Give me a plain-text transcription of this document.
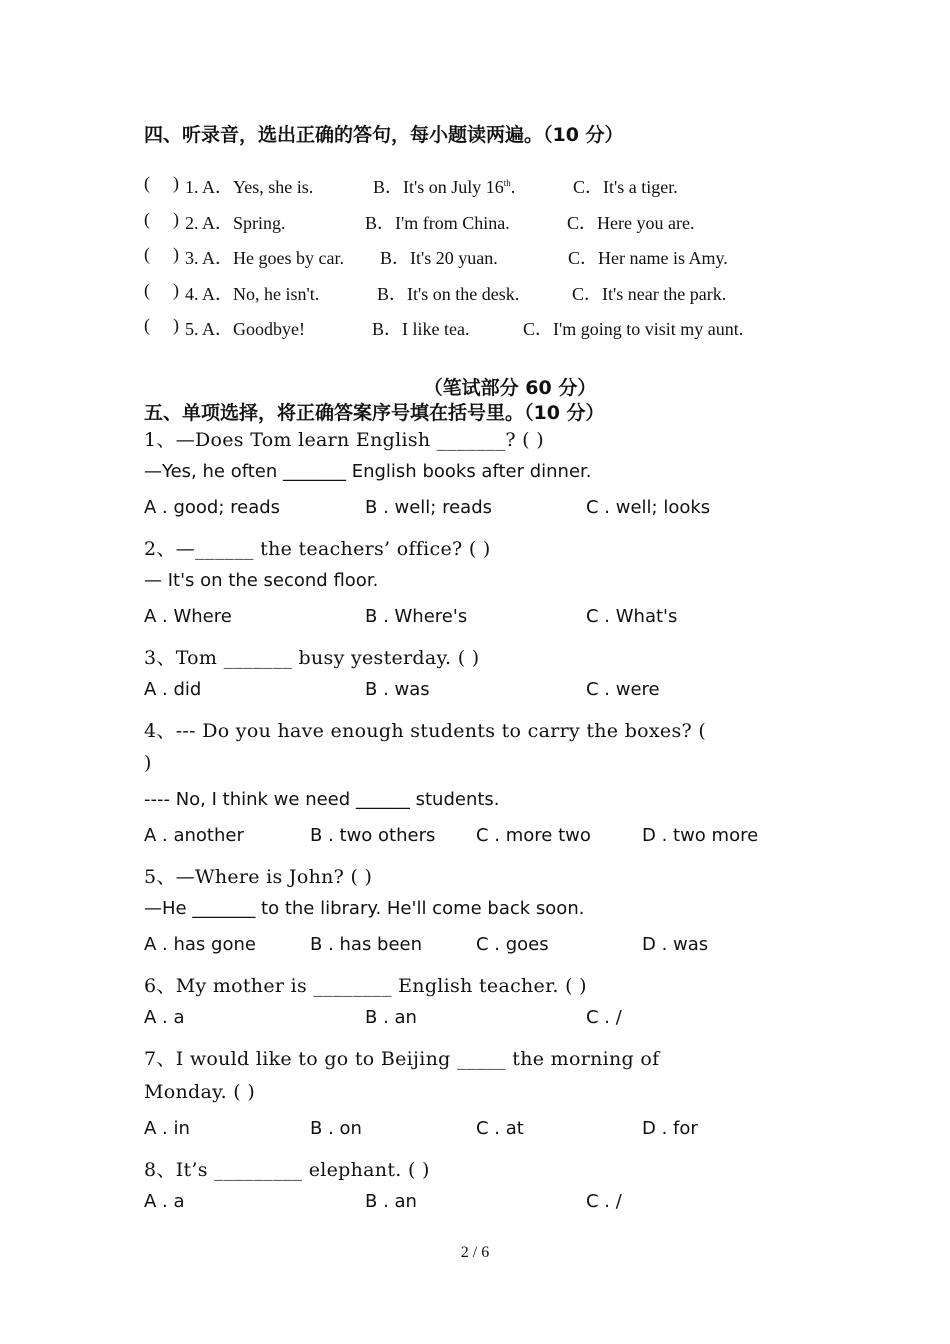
四、听录音，选出正确的答句，每小题读两遍。（10 分）
( ) 1. A．Yes, she is.	B．It's on July 16th.	C．It's a tiger.
( ) 2. A．Spring.	B．I'm from China.	C．Here you are.
( ) 3. A．He goes by car. B．It's 20 yuan.	C．Her name is Amy.
( ) 4. A．No, he isn't.	B．It's on the desk.	C．It's near the park.
( ) 5. A．Goodbye!	B．I like tea.	C．I'm going to visit my aunt.
（笔试部分 60 分）
五、单项选择，将正确答案序号填在括号里。（10 分）
1、—Does Tom learn English _______? ( )
—Yes, he often _______ English books after dinner.
A . good; reads	B . well; reads	C . well; looks
2、—______ the teachers’ office? ( )
— It's on the second floor.
A . Where	B . Where's	C . What's
3、Tom _______ busy yesterday. ( )
A . did	B . was	C . were
4、--- Do you have enough students to carry the boxes? (
)
---- No, I think we need ______ students.
A . another	B . two others C . more two	D . two more
5、—Where is John? ( )
—He _______ to the library. He'll come back soon.
A . has gone	B . has been	C . goes	D . was
6、My mother is ________ English teacher. ( )
A . a	B . an	C . /
7、I would like to go to Beijing _____ the morning of
Monday. ( )
A . in	B . on	C . at	D . for
8、It’s _________ elephant. ( )
A . a	B . an	C . /
2 / 6
